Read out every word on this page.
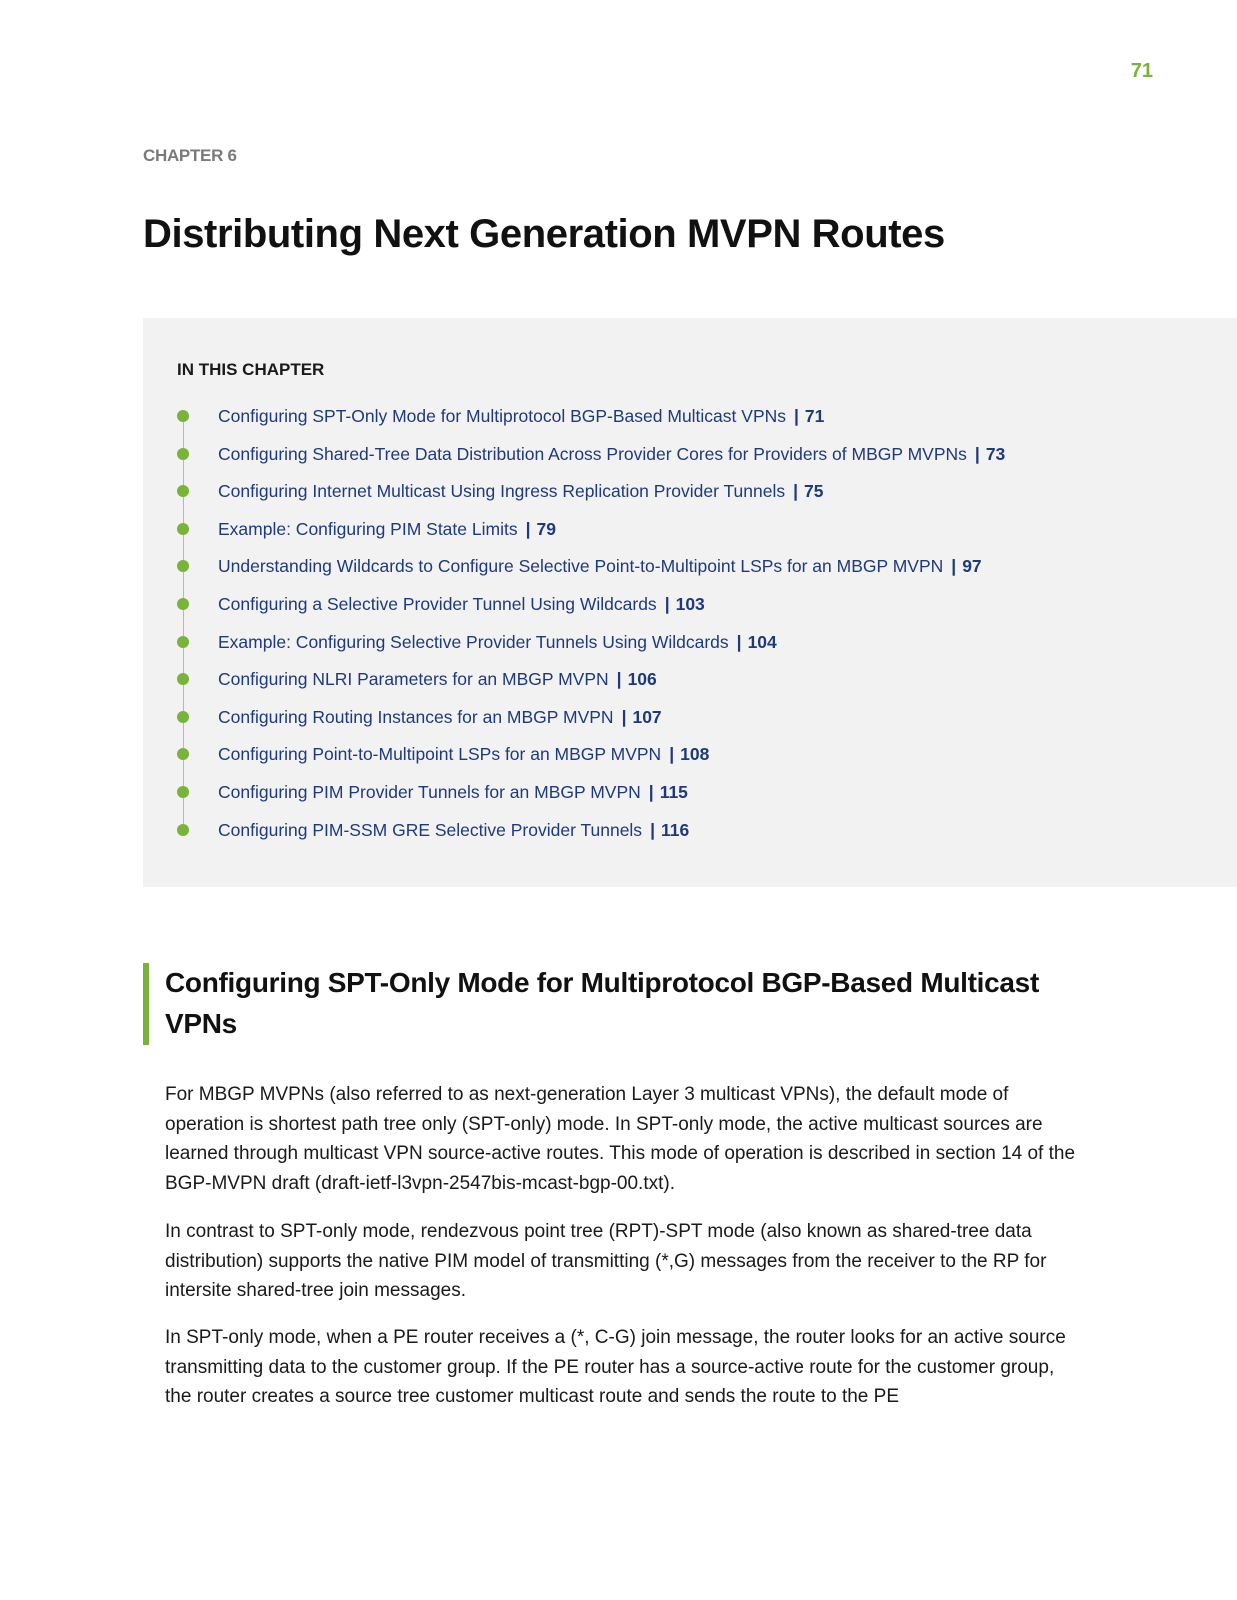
71
CHAPTER 6
Distributing Next Generation MVPN Routes
IN THIS CHAPTER
Configuring SPT-Only Mode for Multiprotocol BGP-Based Multicast VPNs | 71
Configuring Shared-Tree Data Distribution Across Provider Cores for Providers of MBGP MVPNs | 73
Configuring Internet Multicast Using Ingress Replication Provider Tunnels | 75
Example: Configuring PIM State Limits | 79
Understanding Wildcards to Configure Selective Point-to-Multipoint LSPs for an MBGP MVPN | 97
Configuring a Selective Provider Tunnel Using Wildcards | 103
Example: Configuring Selective Provider Tunnels Using Wildcards | 104
Configuring NLRI Parameters for an MBGP MVPN | 106
Configuring Routing Instances for an MBGP MVPN | 107
Configuring Point-to-Multipoint LSPs for an MBGP MVPN | 108
Configuring PIM Provider Tunnels for an MBGP MVPN | 115
Configuring PIM-SSM GRE Selective Provider Tunnels | 116
Configuring SPT-Only Mode for Multiprotocol BGP-Based Multicast VPNs

For MBGP MVPNs (also referred to as next-generation Layer 3 multicast VPNs), the default mode of operation is shortest path tree only (SPT-only) mode. In SPT-only mode, the active multicast sources are learned through multicast VPN source-active routes. This mode of operation is described in section 14 of the BGP-MVPN draft (draft-ietf-l3vpn-2547bis-mcast-bgp-00.txt).

In contrast to SPT-only mode, rendezvous point tree (RPT)-SPT mode (also known as shared-tree data distribution) supports the native PIM model of transmitting (*,G) messages from the receiver to the RP for intersite shared-tree join messages.

In SPT-only mode, when a PE router receives a (*, C-G) join message, the router looks for an active source transmitting data to the customer group. If the PE router has a source-active route for the customer group, the router creates a source tree customer multicast route and sends the route to the PE
